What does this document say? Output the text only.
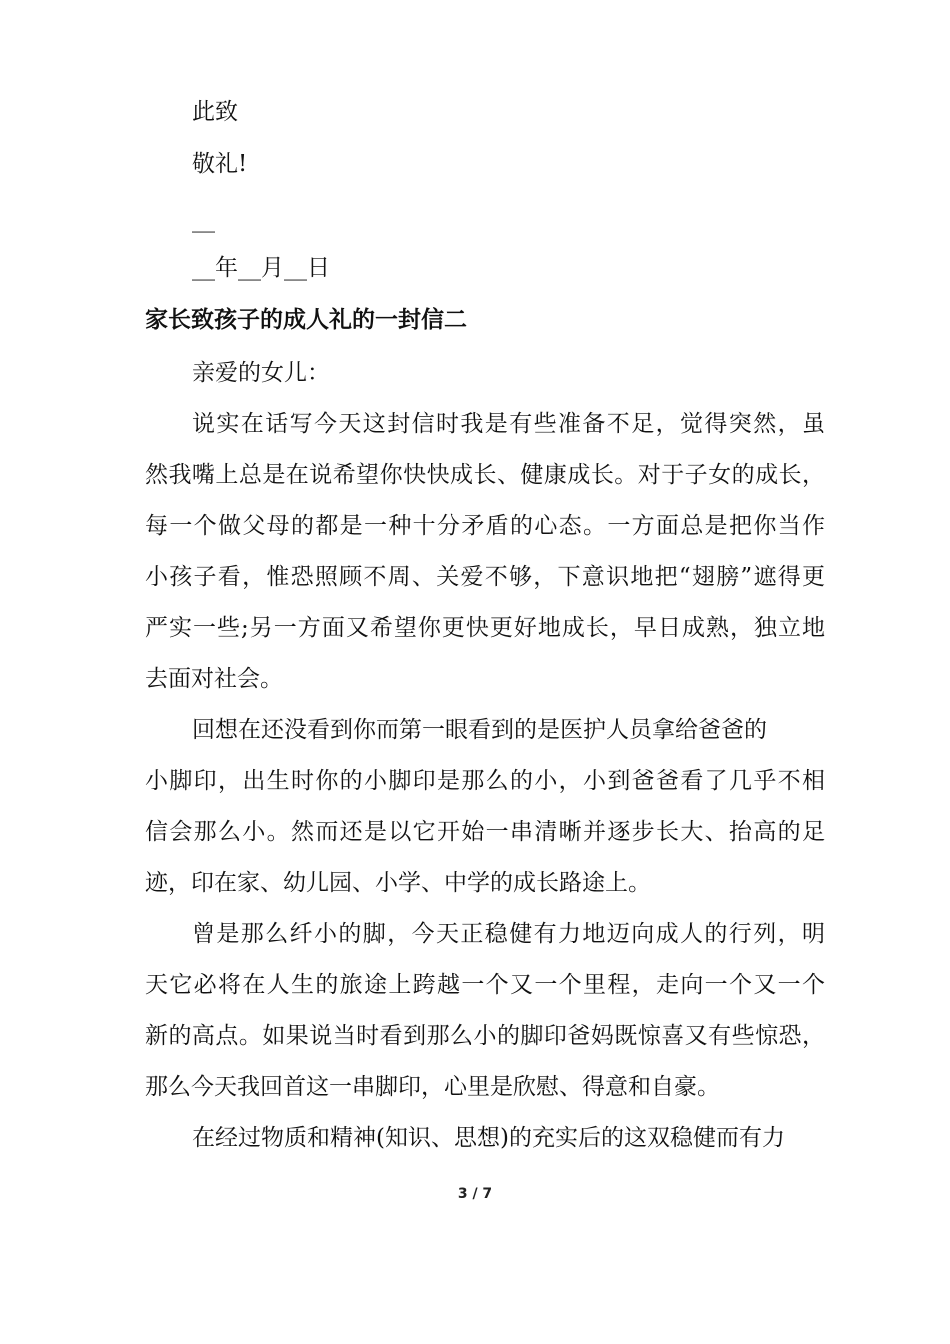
此致
敬礼!
__
__年__月__日
家长致孩子的成人礼的一封信二
亲爱的女儿：
说实在话写今天这封信时我是有些准备不足，觉得突然，虽
然我嘴上总是在说希望你快快成长、健康成长。对于子女的成长，
每一个做父母的都是一种十分矛盾的心态。一方面总是把你当作
小孩子看，惟恐照顾不周、关爱不够，下意识地把“翅膀”遮得更
严实一些;另一方面又希望你更快更好地成长，早日成熟，独立地
去面对社会。
回想在还没看到你而第一眼看到的是医护人员拿给爸爸的
小脚印，出生时你的小脚印是那么的小，小到爸爸看了几乎不相
信会那么小。然而还是以它开始一串清晰并逐步长大、抬高的足
迹，印在家、幼儿园、小学、中学的成长路途上。
曾是那么纤小的脚，今天正稳健有力地迈向成人的行列，明
天它必将在人生的旅途上跨越一个又一个里程，走向一个又一个
新的高点。如果说当时看到那么小的脚印爸妈既惊喜又有些惊恐，
那么今天我回首这一串脚印，心里是欣慰、得意和自豪。
在经过物质和精神(知识、思想)的充实后的这双稳健而有力
3 / 7
